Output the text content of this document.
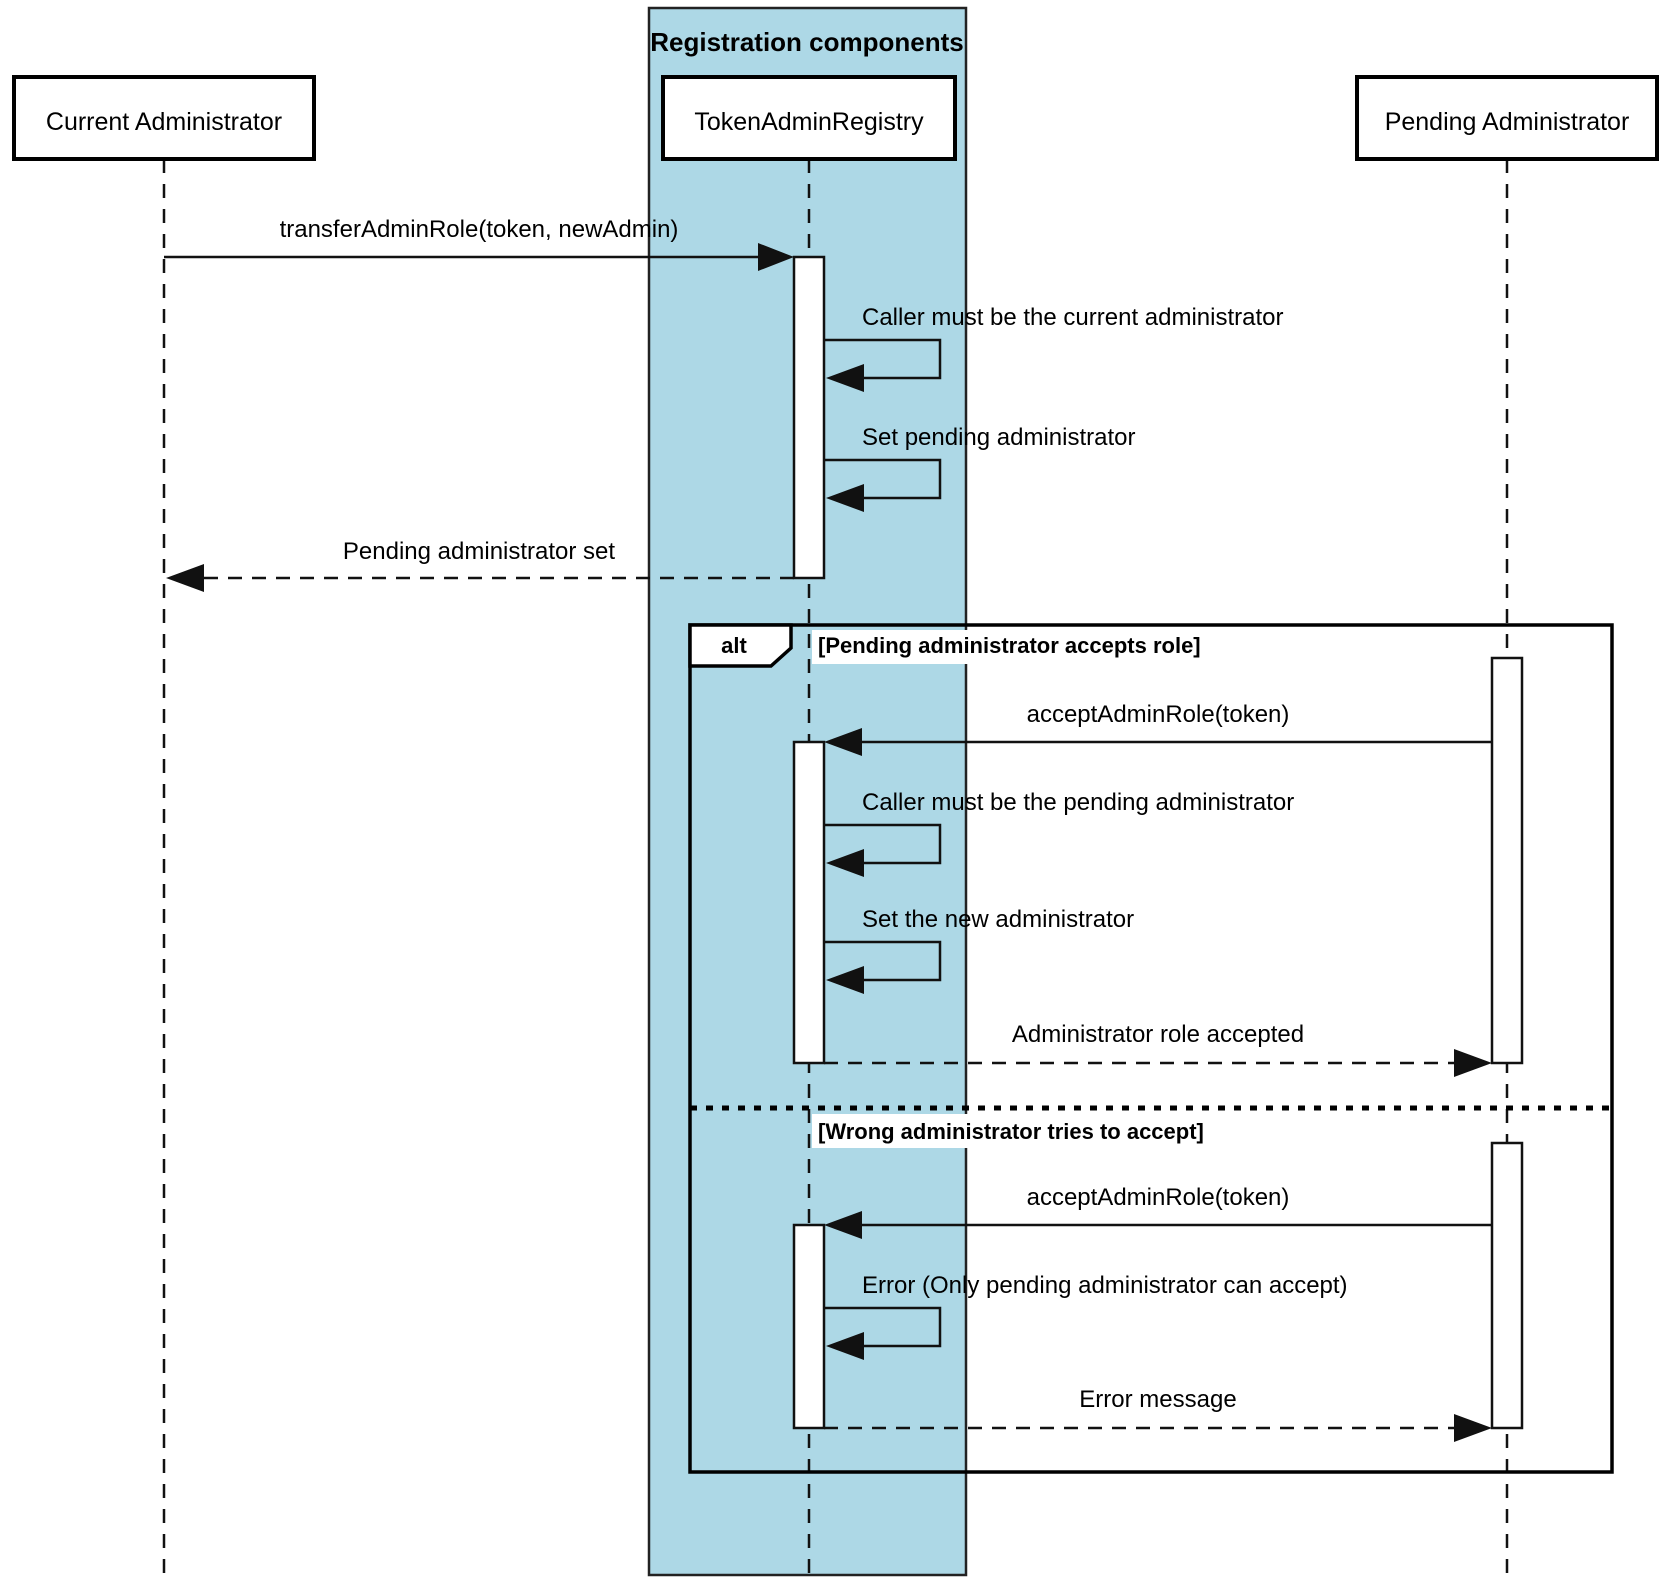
Registration components
Current Administrator	TokenAdminRegistry	Pending Administrator
transferAdminRole(token, newAdmin)
Caller must be the current administrator
Set pending administrator
Pending administrator set
alt	[Pending administrator accepts role]
acceptAdminRole(token)
Caller must be the pending administrator
Set the new administrator
Administrator role accepted
[Wrong administrator tries to accept]
acceptAdminRole(token)
Error (Only pending administrator can accept)
Error message
